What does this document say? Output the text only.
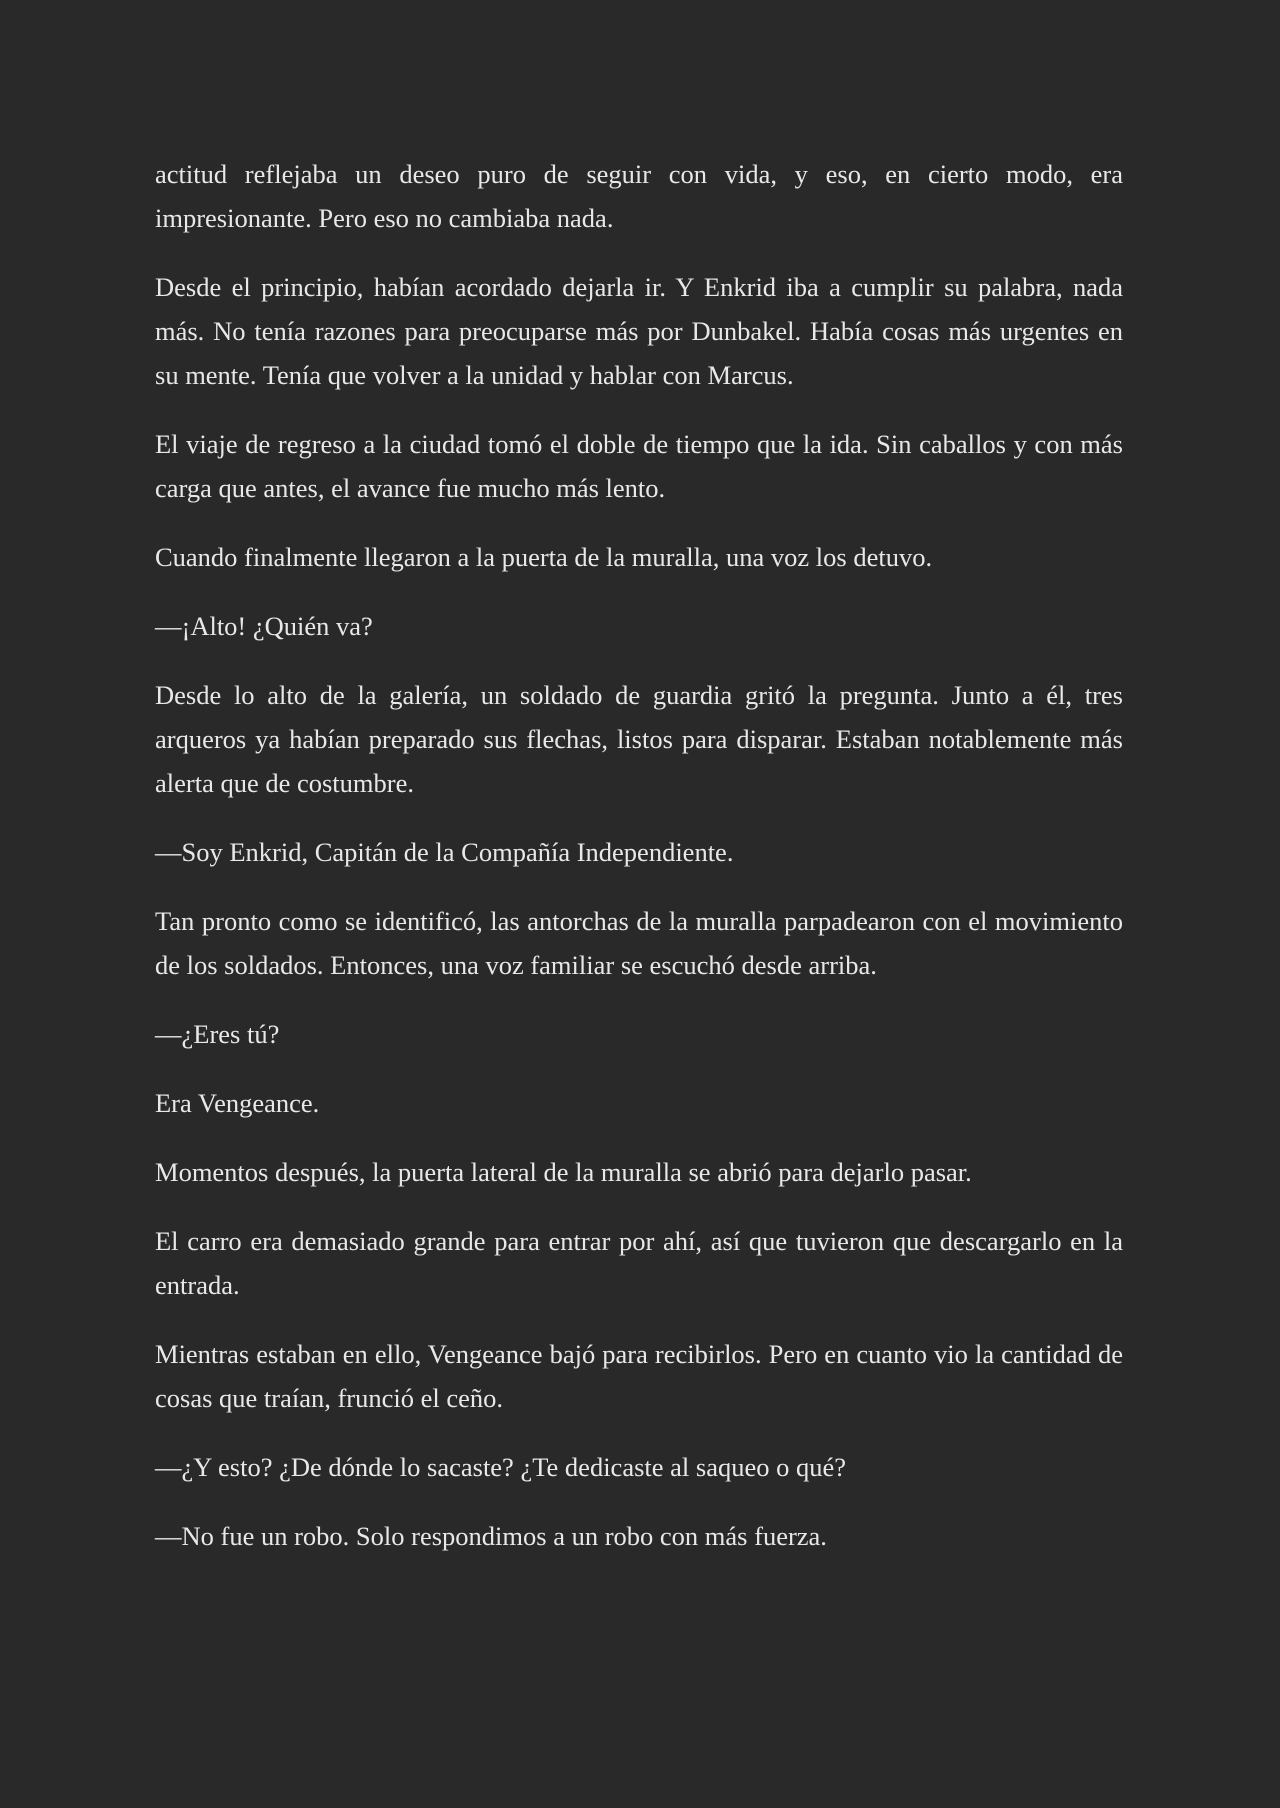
actitud reflejaba un deseo puro de seguir con vida, y eso, en cierto modo, era impresionante. Pero eso no cambiaba nada.

Desde el principio, habían acordado dejarla ir. Y Enkrid iba a cumplir su palabra, nada más. No tenía razones para preocuparse más por Dunbakel. Había cosas más urgentes en su mente. Tenía que volver a la unidad y hablar con Marcus.

El viaje de regreso a la ciudad tomó el doble de tiempo que la ida. Sin caballos y con más carga que antes, el avance fue mucho más lento.

Cuando finalmente llegaron a la puerta de la muralla, una voz los detuvo.

—¡Alto! ¿Quién va?

Desde lo alto de la galería, un soldado de guardia gritó la pregunta. Junto a él, tres arqueros ya habían preparado sus flechas, listos para disparar. Estaban notablemente más alerta que de costumbre.

—Soy Enkrid, Capitán de la Compañía Independiente.

Tan pronto como se identificó, las antorchas de la muralla parpadearon con el movimiento de los soldados. Entonces, una voz familiar se escuchó desde arriba.

—¿Eres tú?

Era Vengeance.

Momentos después, la puerta lateral de la muralla se abrió para dejarlo pasar.

El carro era demasiado grande para entrar por ahí, así que tuvieron que descargarlo en la entrada.

Mientras estaban en ello, Vengeance bajó para recibirlos. Pero en cuanto vio la cantidad de cosas que traían, frunció el ceño.

—¿Y esto? ¿De dónde lo sacaste? ¿Te dedicaste al saqueo o qué?

—No fue un robo. Solo respondimos a un robo con más fuerza.
